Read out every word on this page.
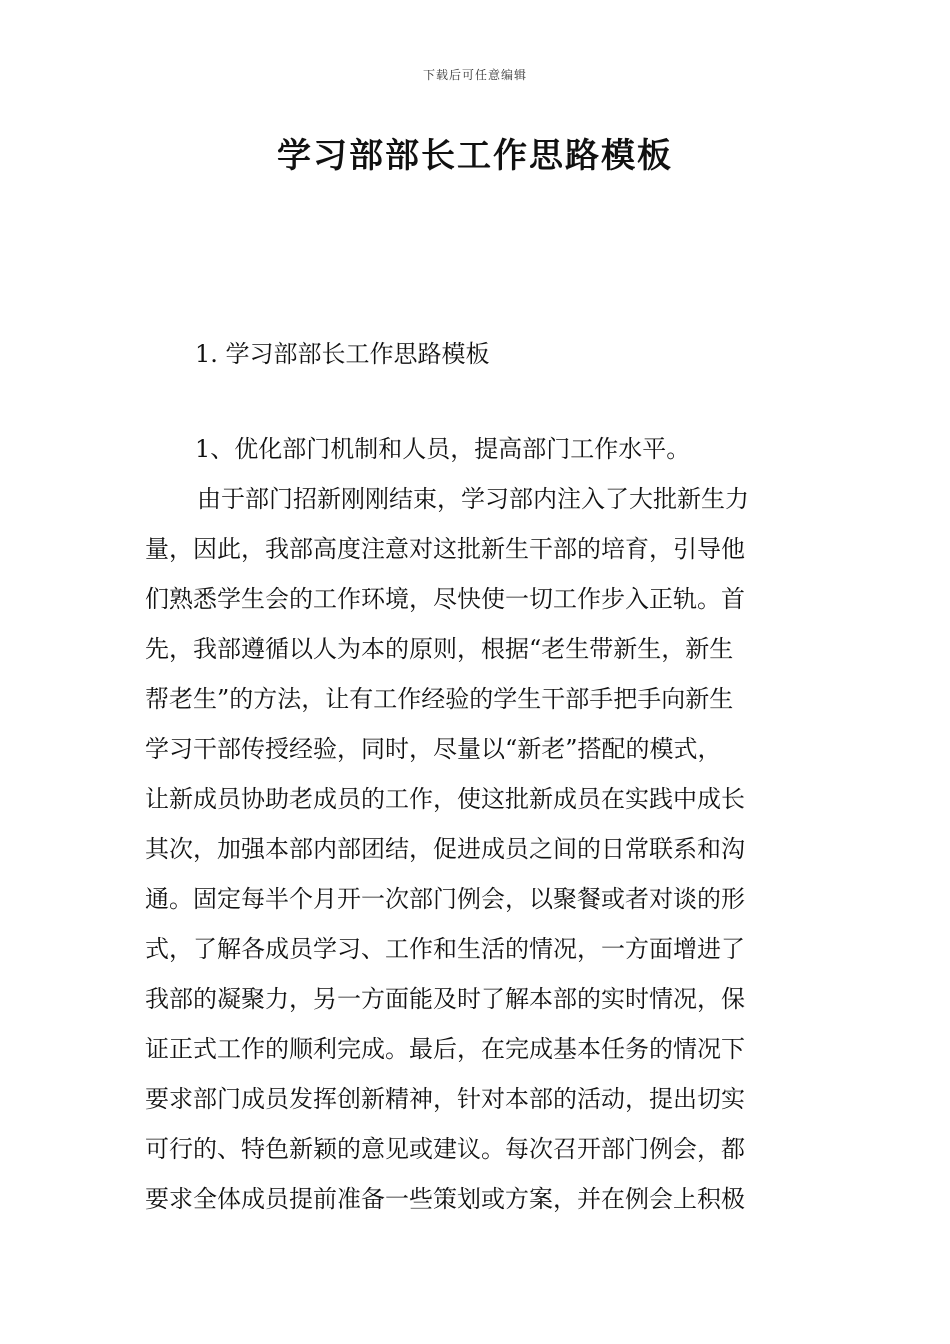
下载后可任意编辑
学习部部长工作思路模板
1. 学习部部长工作思路模板
1、优化部门机制和人员，提高部门工作水平。
由于部门招新刚刚结束，学习部内注入了大批新生力
量，因此，我部高度注意对这批新生干部的培育，引导他
们熟悉学生会的工作环境，尽快使一切工作步入正轨。首
先，我部遵循以人为本的原则，根据“老生带新生，新生
帮老生”的方法，让有工作经验的学生干部手把手向新生
学习干部传授经验，同时，尽量以“新老”搭配的模式，
让新成员协助老成员的工作，使这批新成员在实践中成长
其次，加强本部内部团结，促进成员之间的日常联系和沟
通。固定每半个月开一次部门例会，以聚餐或者对谈的形
式，了解各成员学习、工作和生活的情况，一方面增进了
我部的凝聚力，另一方面能及时了解本部的实时情况，保
证正式工作的顺利完成。最后，在完成基本任务的情况下
要求部门成员发挥创新精神，针对本部的活动，提出切实
可行的、特色新颖的意见或建议。每次召开部门例会，都
要求全体成员提前准备一些策划或方案，并在例会上积极
